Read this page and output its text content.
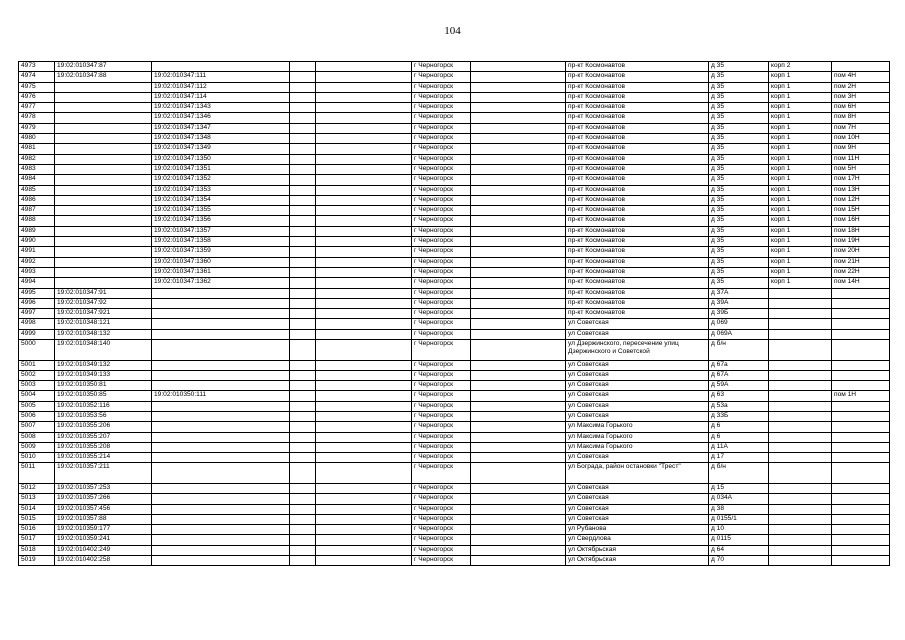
104
4973	19:02:010347:87				г Черногорск		пр-кт Космонавтов	д 35	корп 2	
4974	19:02:010347:88	19:02:010347:111			г Черногорск		пр-кт Космонавтов	д 35	корп 1	пом 4Н
4975		19:02:010347:112			г Черногорск		пр-кт Космонавтов	д 35	корп 1	пом 2Н
4976		19:02:010347:114			г Черногорск		пр-кт Космонавтов	д 35	корп 1	пом 3Н
4977		19:02:010347:1343			г Черногорск		пр-кт Космонавтов	д 35	корп 1	пом 6Н
4978		19:02:010347:1346			г Черногорск		пр-кт Космонавтов	д 35	корп 1	пом 8Н
4979		19:02:010347:1347			г Черногорск		пр-кт Космонавтов	д 35	корп 1	пом 7Н
4980		19:02:010347:1348			г Черногорск		пр-кт Космонавтов	д 35	корп 1	пом 10Н
4981		19:02:010347:1349			г Черногорск		пр-кт Космонавтов	д 35	корп 1	пом 9Н
4982		19:02:010347:1350			г Черногорск		пр-кт Космонавтов	д 35	корп 1	пом 11Н
4983		19:02:010347:1351			г Черногорск		пр-кт Космонавтов	д 35	корп 1	пом 5Н
4984		19:02:010347:1352			г Черногорск		пр-кт Космонавтов	д 35	корп 1	пом 17Н
4985		19:02:010347:1353			г Черногорск		пр-кт Космонавтов	д 35	корп 1	пом 13Н
4986		19:02:010347:1354			г Черногорск		пр-кт Космонавтов	д 35	корп 1	пом 12Н
4987		19:02:010347:1355			г Черногорск		пр-кт Космонавтов	д 35	корп 1	пом 15Н
4988		19:02:010347:1356			г Черногорск		пр-кт Космонавтов	д 35	корп 1	пом 16Н
4989		19:02:010347:1357			г Черногорск		пр-кт Космонавтов	д 35	корп 1	пом 18Н
4990		19:02:010347:1358			г Черногорск		пр-кт Космонавтов	д 35	корп 1	пом 19Н
4991		19:02:010347:1359			г Черногорск		пр-кт Космонавтов	д 35	корп 1	пом 20Н
4992		19:02:010347:1360			г Черногорск		пр-кт Космонавтов	д 35	корп 1	пом 21Н
4993		19:02:010347:1361			г Черногорск		пр-кт Космонавтов	д 35	корп 1	пом 22Н
4994		19:02:010347:1362			г Черногорск		пр-кт Космонавтов	д 35	корп 1	пом 14Н
4995	19:02:010347:91				г Черногорск		пр-кт Космонавтов	д 37А		
4996	19:02:010347:92				г Черногорск		пр-кт Космонавтов	д 39А		
4997	19:02:010347:921				г Черногорск		пр-кт Космонавтов	д 39Б		
4998	19:02:010348:121				г Черногорск		ул Советская	д 069		
4999	19:02:010348:132				г Черногорск		ул Советская	д 069А		
5000	19:02:010348:140				г Черногорск		ул Дзержинского, пересечение улиц Дзержинского и Советской	д б/н		
5001	19:02:010349:132				г Черногорск		ул Советская	д 67а		
5002	19:02:010349:133				г Черногорск		ул Советская	д 67А		
5003	19:02:010350:81				г Черногорск		ул Советская	д 59А		
5004	19:02:010350:85	19:02:010350:111			г Черногорск		ул Советская	д 63		пом 1Н
5005	19:02:010352:116				г Черногорск		ул Советская	д 53а		
5006	19:02:010353:56				г Черногорск		ул Советская	д 33Б		
5007	19:02:010355:206				г Черногорск		ул Максима Горького	д 6		
5008	19:02:010355:207				г Черногорск		ул Максима Горького	д 6		
5009	19:02:010355:208				г Черногорск		ул Максима Горького	д 11А		
5010	19:02:010355:214				г Черногорск		ул Советская	д 17		
5011	19:02:010357:211				г Черногорск		ул Бограда, район остановки "Трест"	д б/н		
5012	19:02:010357:253				г Черногорск		ул Советская	д 15		
5013	19:02:010357:266				г Черногорск		ул Советская	д 034А		
5014	19:02:010357:456				г Черногорск		ул Советская	д 38		
5015	19:02:010357:88				г Черногорск		ул Советская	д 0155/1		
5016	19:02:010359:177				г Черногорск		ул Рубанова	д 10		
5017	19:02:010359:241				г Черногорск		ул Свердлова	д 0115		
5018	19:02:010402:249				г Черногорск		ул Октябрьская	д 64		
5019	19:02:010402:258				г Черногорск		ул Октябрьская	д 70		
